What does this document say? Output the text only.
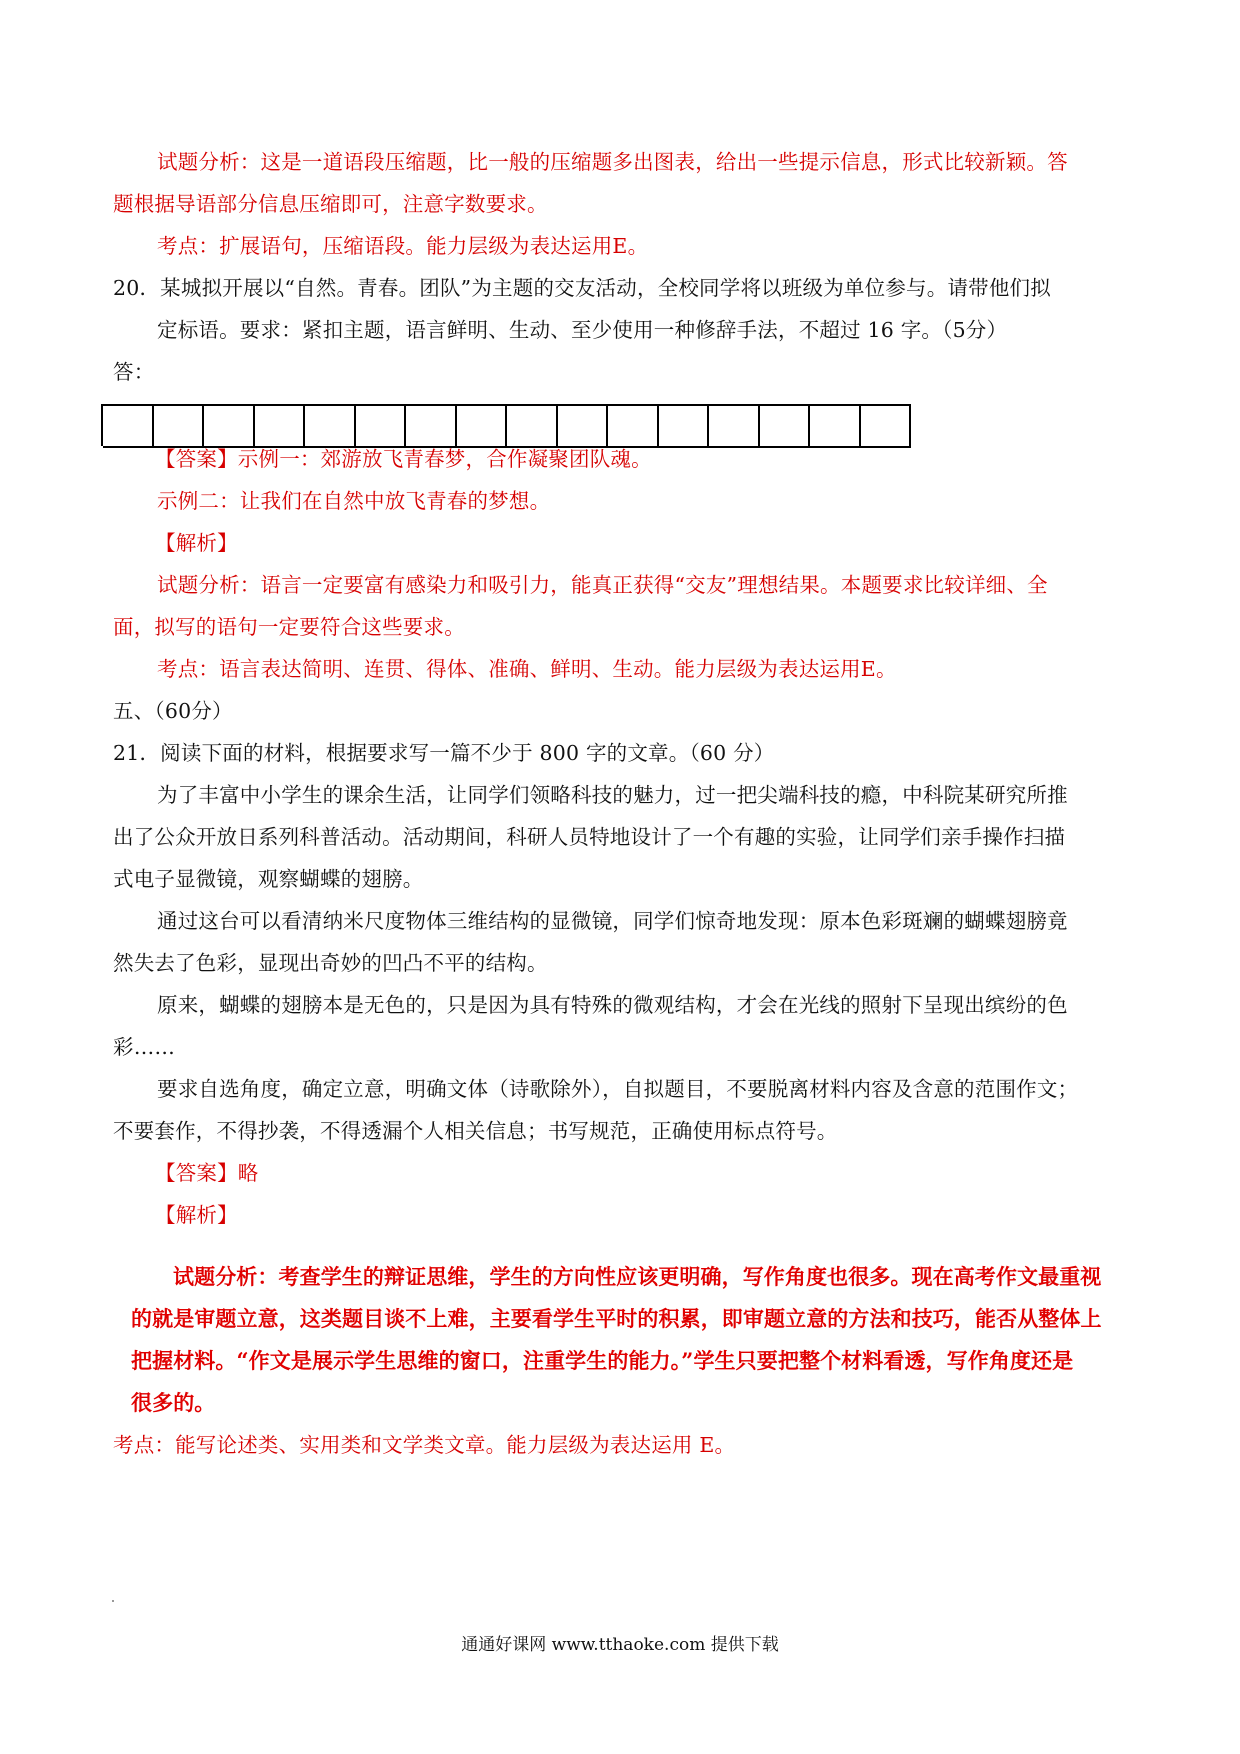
试题分析：这是一道语段压缩题，比一般的压缩题多出图表，给出一些提示信息，形式比较新颖。答
题根据导语部分信息压缩即可，注意字数要求。
考点：扩展语句，压缩语段。能力层级为表达运用E。
20．某城拟开展以“自然。青春。团队”为主题的交友活动，全校同学将以班级为单位参与。请带他们拟
定标语。要求：紧扣主题，语言鲜明、生动、至少使用一种修辞手法，不超过 16 字。（5分）
答：
【答案】示例一：郊游放飞青春梦，合作凝聚团队魂。
示例二：让我们在自然中放飞青春的梦想。
【解析】
试题分析：语言一定要富有感染力和吸引力，能真正获得“交友”理想结果。本题要求比较详细、全
面，拟写的语句一定要符合这些要求。
考点：语言表达简明、连贯、得体、准确、鲜明、生动。能力层级为表达运用E。
五、（60分）
21．阅读下面的材料，根据要求写一篇不少于 800 字的文章。（60 分）
为了丰富中小学生的课余生活，让同学们领略科技的魅力，过一把尖端科技的瘾，中科院某研究所推
出了公众开放日系列科普活动。活动期间，科研人员特地设计了一个有趣的实验，让同学们亲手操作扫描
式电子显微镜，观察蝴蝶的翅膀。
通过这台可以看清纳米尺度物体三维结构的显微镜，同学们惊奇地发现：原本色彩斑斓的蝴蝶翅膀竟
然失去了色彩，显现出奇妙的凹凸不平的结构。
原来，蝴蝶的翅膀本是无色的，只是因为具有特殊的微观结构，才会在光线的照射下呈现出缤纷的色
彩……
要求自选角度，确定立意，明确文体（诗歌除外），自拟题目，不要脱离材料内容及含意的范围作文；
不要套作，不得抄袭，不得透漏个人相关信息；书写规范，正确使用标点符号。
【答案】略
【解析】
试题分析：考查学生的辩证思维，学生的方向性应该更明确，写作角度也很多。现在高考作文最重视
的就是审题立意，这类题目谈不上难，主要看学生平时的积累，即审题立意的方法和技巧，能否从整体上
把握材料。“作文是展示学生思维的窗口，注重学生的能力。”学生只要把整个材料看透，写作角度还是
很多的。
考点：能写论述类、实用类和文学类文章。能力层级为表达运用 E。
通通好课网 www.tthaoke.com 提供下载
